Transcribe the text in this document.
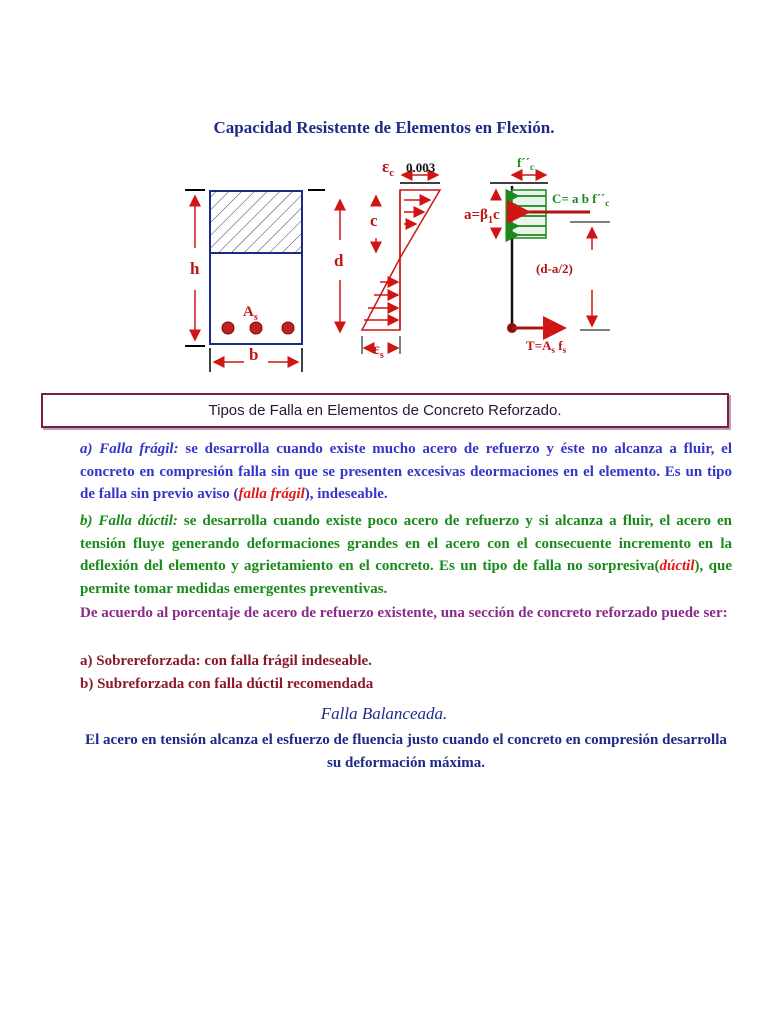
Capacidad Resistente de Elementos en Flexión.
h	d
b
$A_s$
0.003
$\varepsilon_c$
c
$\varepsilon_s$
$f´´_c$
$a=\beta_1c$
C= a b $f´´_c$
(d-a/2)
$T=A_s$ $f_s$
Tipos de Falla en Elementos de Concreto Reforzado.
a) Falla frágil: se desarrolla cuando existe mucho acero de refuerzo y éste no alcanza a fluir, el concreto en compresión falla sin que se presenten excesivas deormaciones en el elemento. Es un tipo de falla sin previo aviso (falla frágil), indeseable.
b) Falla dúctil: se desarrolla cuando existe poco acero de refuerzo y si alcanza a fluir, el acero en tensión fluye generando deformaciones grandes en el acero con el consecuente incremento en la deflexión del elemento y agrietamiento en el concreto. Es un tipo de falla no sorpresiva(dúctil), que permite tomar medidas emergentes preventivas.
De acuerdo al porcentaje de acero de refuerzo existente, una sección de concreto reforzado puede ser:
a) Sobrereforzada: con falla frágil indeseable.
b) Subreforzada con falla dúctil recomendada
Falla Balanceada.
El acero en tensión alcanza el esfuerzo de fluencia justo cuando el concreto en compresión desarrolla su deformación máxima.
